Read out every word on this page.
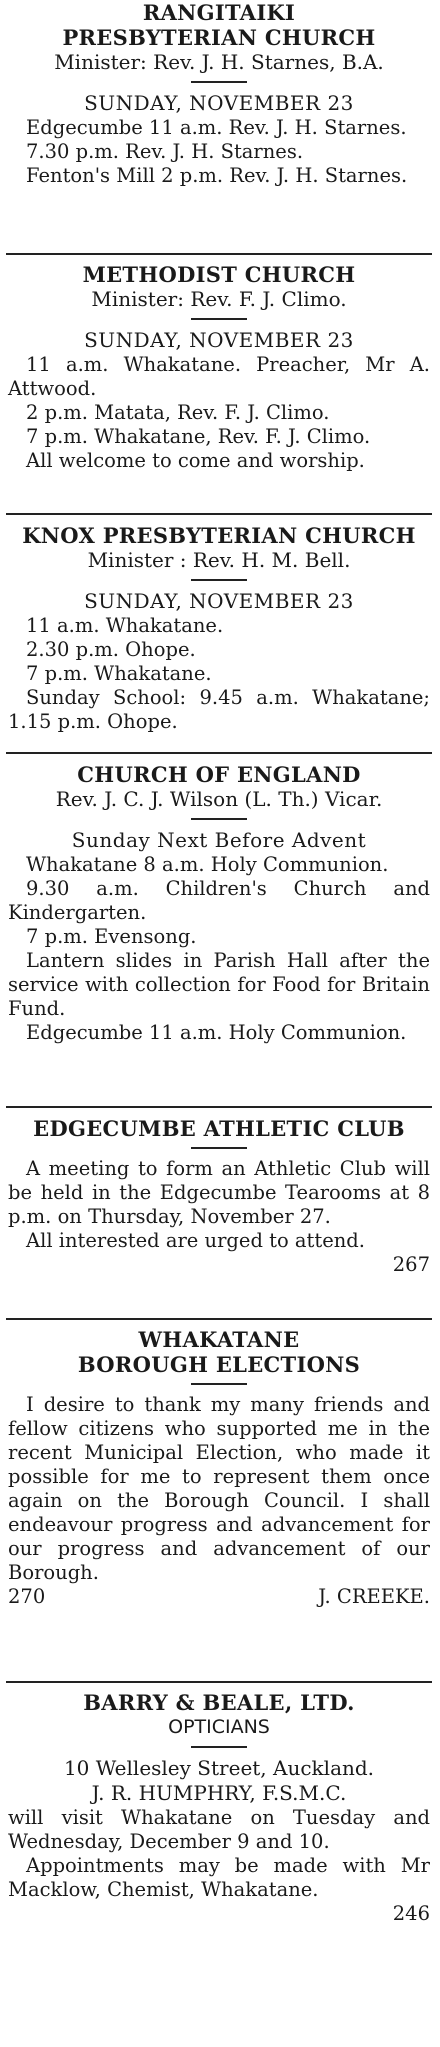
RANGITAIKI
PRESBYTERIAN CHURCH
Minister: Rev. J. H. Starnes, B.A.
SUNDAY, NOVEMBER 23
Edgecumbe 11 a.m. Rev. J. H. Starnes.
7.30 p.m. Rev. J. H. Starnes.
Fenton's Mill 2 p.m. Rev. J. H. Starnes.
METHODIST CHURCH
Minister: Rev. F. J. Climo.
SUNDAY, NOVEMBER 23
11 a.m. Whakatane. Preacher, Mr A. Attwood.
2 p.m. Matata, Rev. F. J. Climo.
7 p.m. Whakatane, Rev. F. J. Climo.
All welcome to come and worship.
KNOX PRESBYTERIAN CHURCH
Minister : Rev. H. M. Bell.
SUNDAY, NOVEMBER 23
11 a.m. Whakatane.
2.30 p.m. Ohope.
7 p.m. Whakatane.
Sunday School: 9.45 a.m. Whakatane; 1.15 p.m. Ohope.
CHURCH OF ENGLAND
Rev. J. C. J. Wilson (L. Th.) Vicar.
Sunday Next Before Advent
Whakatane 8 a.m. Holy Communion.
9.30 a.m. Children's Church and Kindergarten.
7 p.m. Evensong.
Lantern slides in Parish Hall after the service with collection for Food for Britain Fund.
Edgecumbe 11 a.m. Holy Communion.
EDGECUMBE ATHLETIC CLUB
A meeting to form an Athletic Club will be held in the Edgecumbe Tearooms at 8 p.m. on Thursday, November 27.
All interested are urged to attend.
267
WHAKATANE
BOROUGH ELECTIONS
I desire to thank my many friends and fellow citizens who supported me in the recent Municipal Election, who made it possible for me to represent them once again on the Borough Council. I shall endeavour progress and advancement for our progress and advancement of our Borough.
270	J. CREEKE.
BARRY & BEALE, LTD.
OPTICIANS
10 Wellesley Street, Auckland.
J. R. HUMPHRY, F.S.M.C.
will visit Whakatane on Tuesday and Wednesday, December 9 and 10.
Appointments may be made with Mr Macklow, Chemist, Whakatane.
246
